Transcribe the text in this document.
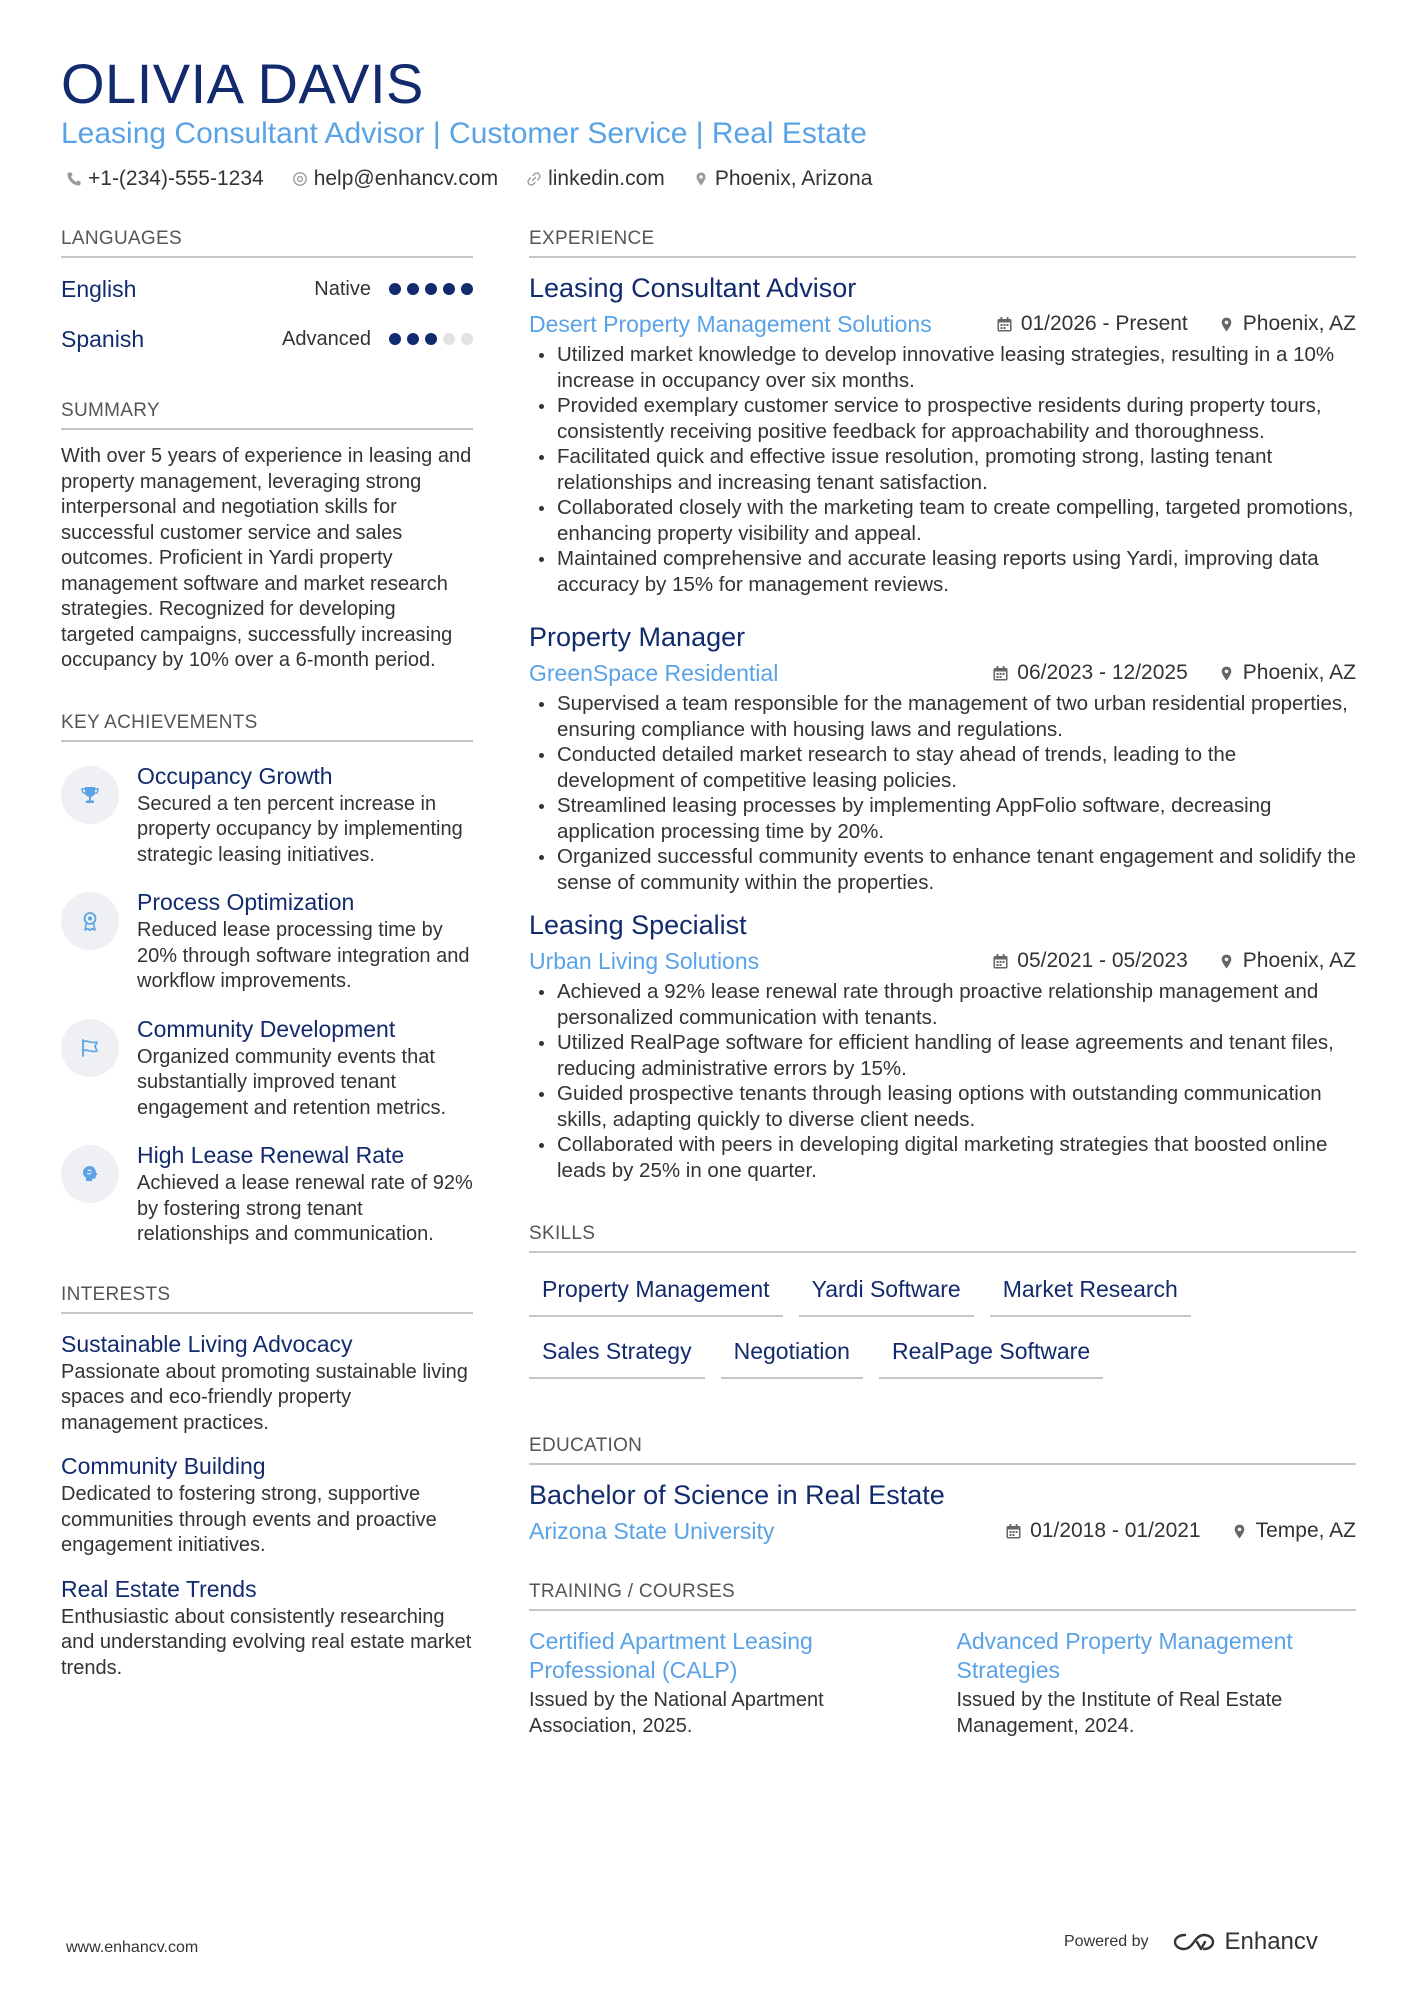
OLIVIA DAVIS
Leasing Consultant Advisor | Customer Service | Real Estate
+1-(234)-555-1234 help@enhancv.com linkedin.com Phoenix, Arizona
LANGUAGES
English	Native
Spanish	Advanced
SUMMARY
With over 5 years of experience in leasing and property management, leveraging strong interpersonal and negotiation skills for successful customer service and sales outcomes. Proficient in Yardi property management software and market research strategies. Recognized for developing targeted campaigns, successfully increasing occupancy by 10% over a 6-month period.
KEY ACHIEVEMENTS
Occupancy Growth
Secured a ten percent increase in property occupancy by implementing strategic leasing initiatives.
Process Optimization
Reduced lease processing time by 20% through software integration and workflow improvements.
Community Development
Organized community events that substantially improved tenant engagement and retention metrics.
High Lease Renewal Rate
Achieved a lease renewal rate of 92% by fostering strong tenant relationships and communication.
INTERESTS
Sustainable Living Advocacy
Passionate about promoting sustainable living spaces and eco-friendly property management practices.
Community Building
Dedicated to fostering strong, supportive communities through events and proactive engagement initiatives.
Real Estate Trends
Enthusiastic about consistently researching and understanding evolving real estate market trends.
EXPERIENCE
Leasing Consultant Advisor
Desert Property Management Solutions	01/2026 - Present	Phoenix, AZ
Utilized market knowledge to develop innovative leasing strategies, resulting in a 10% increase in occupancy over six months.
Provided exemplary customer service to prospective residents during property tours, consistently receiving positive feedback for approachability and thoroughness.
Facilitated quick and effective issue resolution, promoting strong, lasting tenant relationships and increasing tenant satisfaction.
Collaborated closely with the marketing team to create compelling, targeted promotions, enhancing property visibility and appeal.
Maintained comprehensive and accurate leasing reports using Yardi, improving data accuracy by 15% for management reviews.
Property Manager
GreenSpace Residential	06/2023 - 12/2025	Phoenix, AZ
Supervised a team responsible for the management of two urban residential properties, ensuring compliance with housing laws and regulations.
Conducted detailed market research to stay ahead of trends, leading to the development of competitive leasing policies.
Streamlined leasing processes by implementing AppFolio software, decreasing application processing time by 20%.
Organized successful community events to enhance tenant engagement and solidify the sense of community within the properties.
Leasing Specialist
Urban Living Solutions	05/2021 - 05/2023	Phoenix, AZ
Achieved a 92% lease renewal rate through proactive relationship management and personalized communication with tenants.
Utilized RealPage software for efficient handling of lease agreements and tenant files, reducing administrative errors by 15%.
Guided prospective tenants through leasing options with outstanding communication skills, adapting quickly to diverse client needs.
Collaborated with peers in developing digital marketing strategies that boosted online leads by 25% in one quarter.
SKILLS
Property Management	Yardi Software	Market Research
Sales Strategy	Negotiation	RealPage Software
EDUCATION
Bachelor of Science in Real Estate
Arizona State University	01/2018 - 01/2021	Tempe, AZ
TRAINING / COURSES
Certified Apartment Leasing Professional (CALP)
Issued by the National Apartment Association, 2025.
Advanced Property Management Strategies
Issued by the Institute of Real Estate Management, 2024.
www.enhancv.com	Powered by	Enhancv
